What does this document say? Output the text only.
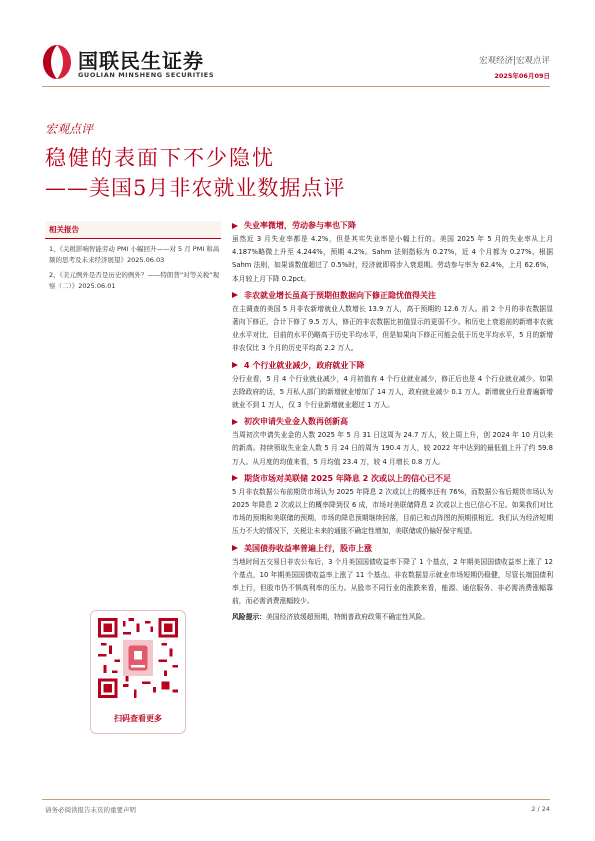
国联民生证券
GUOLIAN MINSHENG SECURITIES
宏观经济|宏观点评
2025年06月09日
宏观点评
稳健的表面下不少隐忧
——美国5月非农就业数据点评
相关报告
1、《关税影响智能劳动 PMI 小幅回升——对 5 月 PMI 和高频的思考及未来经济展望》2025.06.03
2、《美元例外是否是历史的例外？——特朗普“对等关税”观察（二）》2025.06.01
扫码查看更多
失业率微增，劳动参与率也下降
虽然近 3 月失业率都是 4.2%，但是其实失业率是小幅上行的。美国 2025 年 5 月的失业率从上月 4.187%略微上升至 4.244%，预期 4.2%。Sahm 法则指标为 0.27%，近 4 个月都为 0.27%。根据 Sahm 法则，如果该数值超过了 0.5%时，经济就即将步入衰退期。劳动参与率为 62.4%，上月 62.6%，本月较上月下降 0.2pct。
非农就业增长虽高于预期但数据向下修正隐忧值得关注
在主调查的美国 5 月非农新增就业人数增长 13.9 万人，高于预期的 12.6 万人。前 2 个月的非农数据显著向下修正，合计下修了 9.5 万人，修正的非农数据比初值显示的更弱不少。和历史上衰退前的新增非农就业水平对比，目前的水平仍略高于历史平均水平，但是如果向下修正可能会低于历史平均水平，5 月的新增非农仅比 3 个月的历史平均高 2.2 万人。
4 个行业就业减少，政府就业下降
分行业看，5 月 4 个行业就业减少，4 月初值有 4 个行业就业减少，修正后也是 4 个行业就业减少。如果去除政府的话，5 月私人部门的新增就业增加了 14 万人，政府就业减少 0.1 万人。新增就业行业普遍新增就业不到 1 万人，仅 3 个行业新增就业超过 1 万人。
初次申请失业金人数再创新高
当周初次申请失业金的人数 2025 年 5 月 31 日这周为 24.7 万人，较上周上升，创 2024 年 10 月以来的新高。持续领取失业金人数 5 月 24 日的周为 190.4 万人，较 2022 年中达到的最低值上升了约 59.8 万人。从月度的均值来看，5 月均值 23.4 万，较 4 月增长 0.8 万人。
期货市场对美联储 2025 年降息 2 次或以上的信心已不足
5 月非农数据公布前期货市场认为 2025 年降息 2 次或以上的概率还有 76%，而数据公布后期货市场认为 2025 年降息 2 次或以上的概率降到仅 6 成，市场对美联储降息 2 次或以上也已信心不足。如果我们对比市场的预期和美联储的预期，市场的降息预期继续回落，目前已和点阵图的预期很相近。我们认为经济短期压力不大的情况下，关税让未来的通胀不确定性增加，美联储或仍偏好保守观望。
美国债券收益率普遍上行，股市上涨
当地时间五交易日非农公布后，3 个月美国国债收益率下降了 1 个基点，2 年期美国国债收益率上涨了 12 个基点，10 年期美国国债收益率上涨了 11 个基点。非农数据显示就业市场短期仍稳健，尽管长端国债利率上行，但股市仍不惧高利率的压力。从股市不同行业的涨跌来看，能源、通信服务、非必需消费涨幅靠前，而必需消费涨幅较少。
风险提示：美国经济放缓超预期，特朗普政府政策不确定性风险。
请务必阅读报告末页的重要声明	2 / 24
